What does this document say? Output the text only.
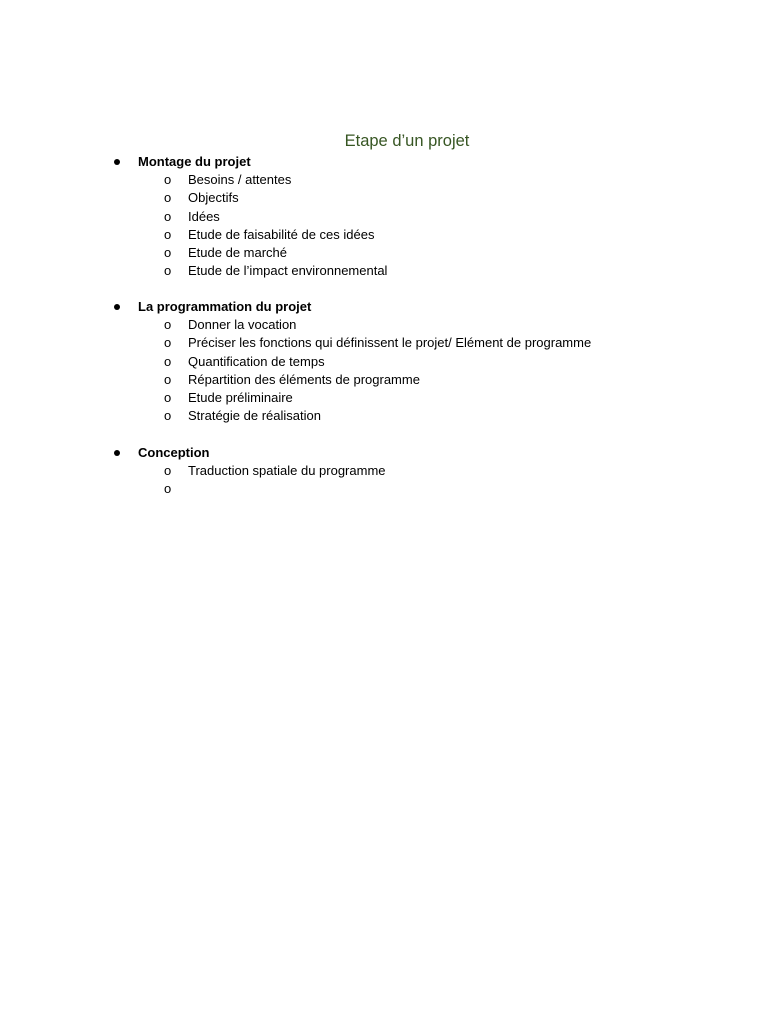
Etape d’un projet
Montage du projet
o Besoins / attentes
o Objectifs
o Idées
o Etude de faisabilité de ces idées
o Etude de marché
o Etude de l’impact environnemental
La programmation du projet
o Donner la vocation
o Préciser les fonctions qui définissent le projet/ Elément de programme
o Quantification de temps
o Répartition des éléments de programme
o Etude préliminaire
o Stratégie de réalisation
Conception
o Traduction spatiale du programme
o
